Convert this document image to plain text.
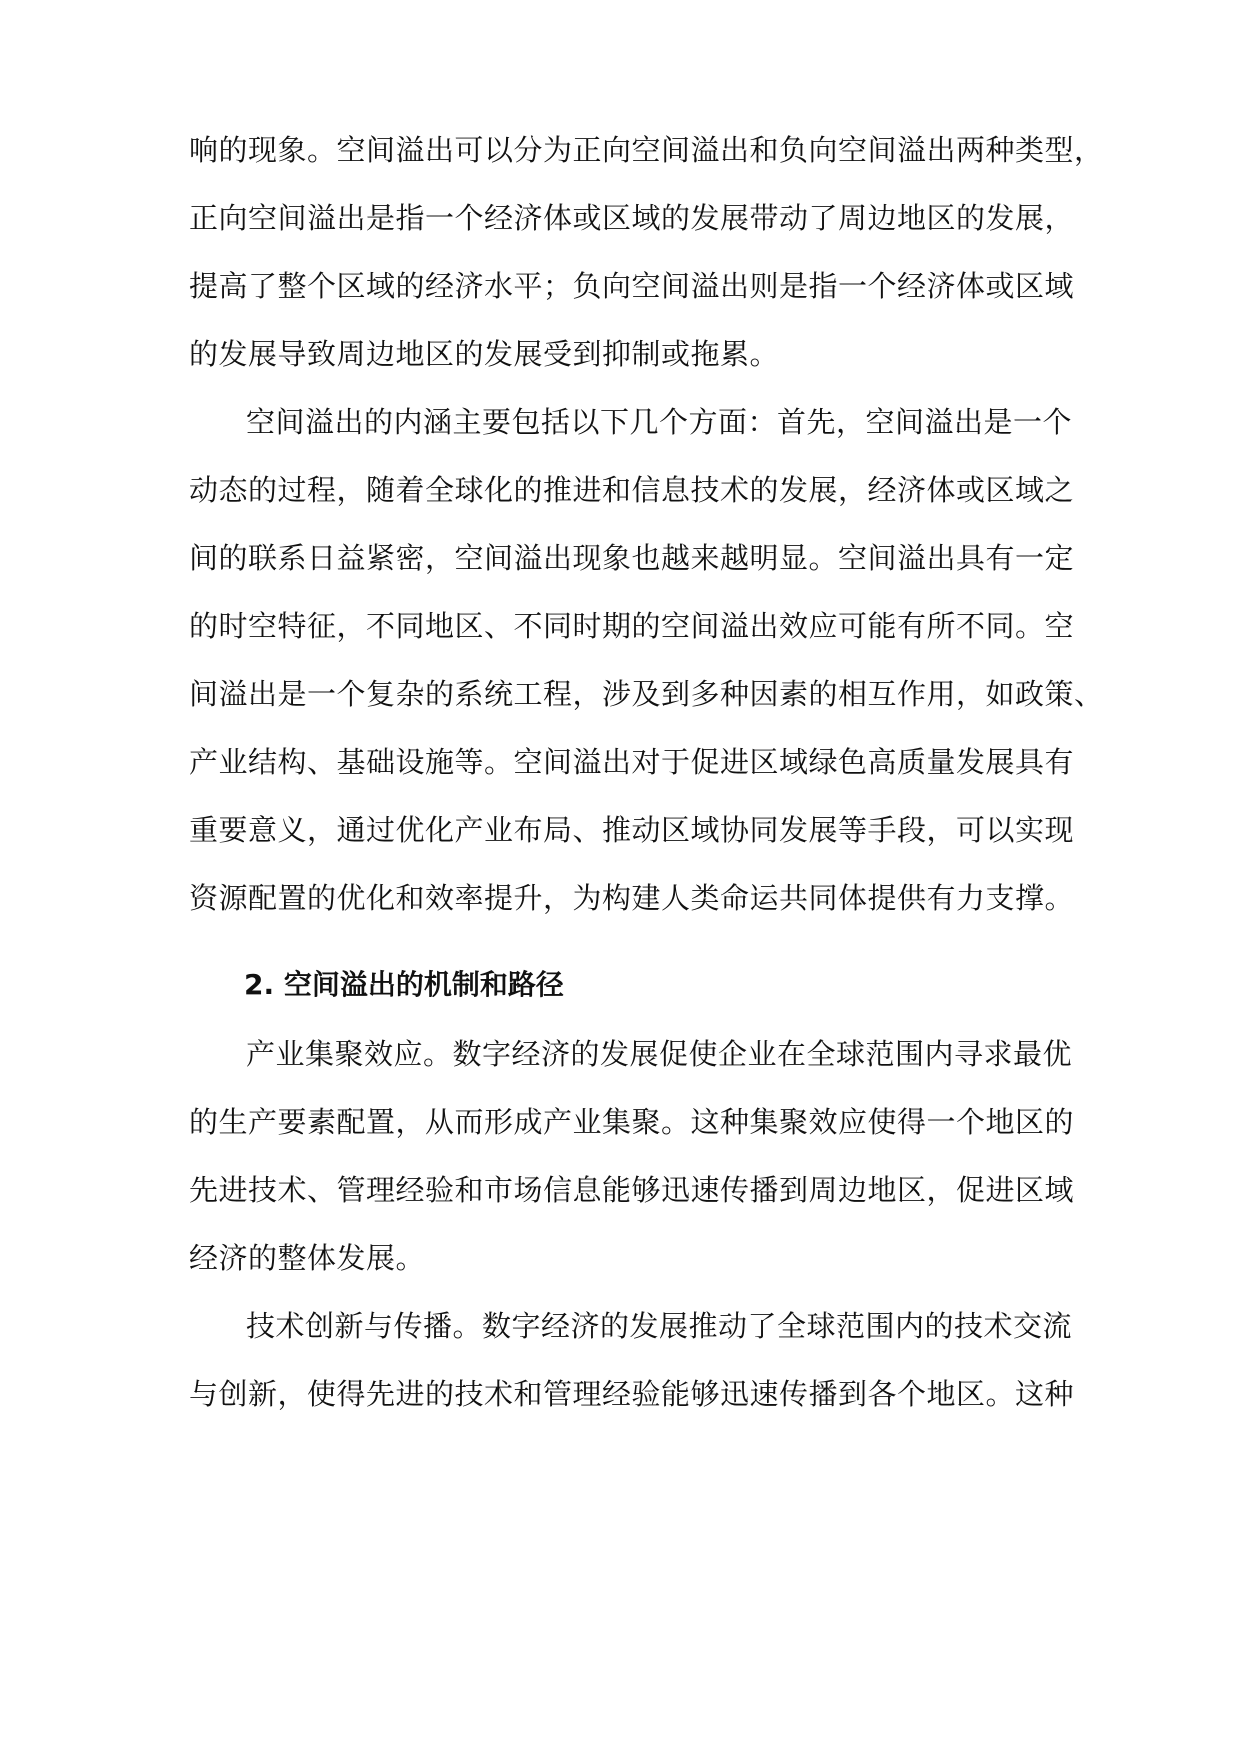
响的现象。空间溢出可以分为正向空间溢出和负向空间溢出两种类型，
正向空间溢出是指一个经济体或区域的发展带动了周边地区的发展，
提高了整个区域的经济水平；负向空间溢出则是指一个经济体或区域
的发展导致周边地区的发展受到抑制或拖累。
空间溢出的内涵主要包括以下几个方面：首先，空间溢出是一个
动态的过程，随着全球化的推进和信息技术的发展，经济体或区域之
间的联系日益紧密，空间溢出现象也越来越明显。空间溢出具有一定
的时空特征，不同地区、不同时期的空间溢出效应可能有所不同。空
间溢出是一个复杂的系统工程，涉及到多种因素的相互作用，如政策、
产业结构、基础设施等。空间溢出对于促进区域绿色高质量发展具有
重要意义，通过优化产业布局、推动区域协同发展等手段，可以实现
资源配置的优化和效率提升，为构建人类命运共同体提供有力支撑。
2. 空间溢出的机制和路径
产业集聚效应。数字经济的发展促使企业在全球范围内寻求最优
的生产要素配置，从而形成产业集聚。这种集聚效应使得一个地区的
先进技术、管理经验和市场信息能够迅速传播到周边地区，促进区域
经济的整体发展。
技术创新与传播。数字经济的发展推动了全球范围内的技术交流
与创新，使得先进的技术和管理经验能够迅速传播到各个地区。这种
